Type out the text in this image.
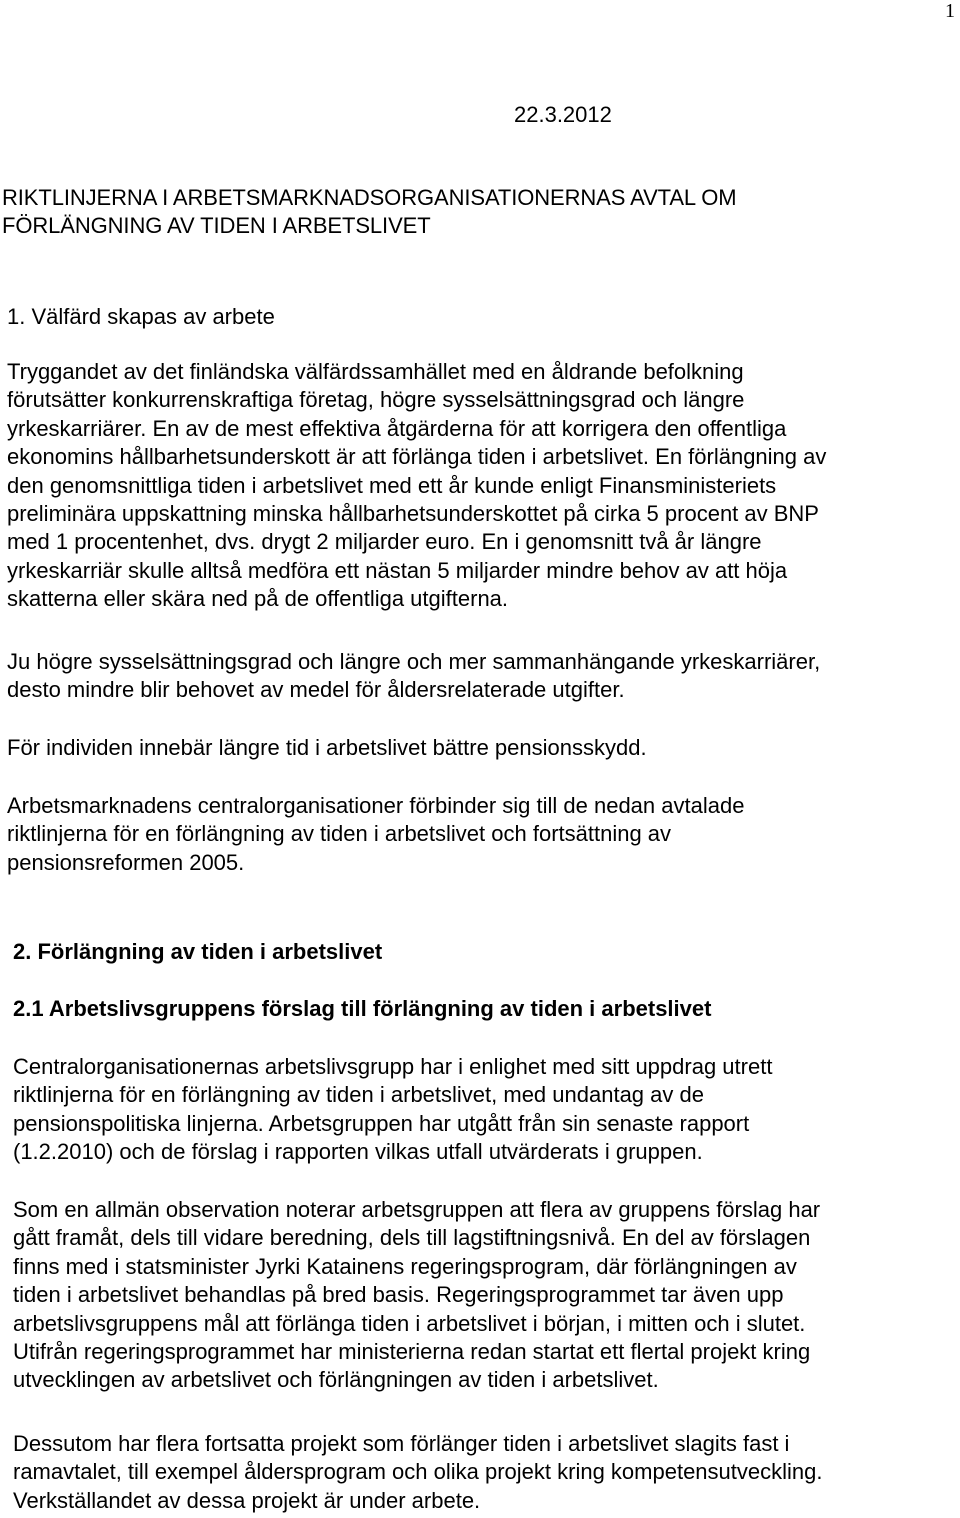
1
22.3.2012
RIKTLINJERNA I ARBETSMARKNADSORGANISATIONERNAS AVTAL OM
FÖRLÄNGNING AV TIDEN I ARBETSLIVET
1. Välfärd skapas av arbete

Tryggandet av det finländska välfärdssamhället med en åldrande befolkning
förutsätter konkurrenskraftiga företag, högre sysselsättningsgrad och längre
yrkeskarriärer. En av de mest effektiva åtgärderna för att korrigera den offentliga
ekonomins hållbarhetsunderskott är att förlänga tiden i arbetslivet. En förlängning av
den genomsnittliga tiden i arbetslivet med ett år kunde enligt Finansministeriets
preliminära uppskattning minska hållbarhetsunderskottet på cirka 5 procent av BNP
med 1 procentenhet, dvs. drygt 2 miljarder euro. En i genomsnitt två år längre
yrkeskarriär skulle alltså medföra ett nästan 5 miljarder mindre behov av att höja
skatterna eller skära ned på de offentliga utgifterna.

Ju högre sysselsättningsgrad och längre och mer sammanhängande yrkeskarriärer,
desto mindre blir behovet av medel för åldersrelaterade utgifter.

För individen innebär längre tid i arbetslivet bättre pensionsskydd.

Arbetsmarknadens centralorganisationer förbinder sig till de nedan avtalade
riktlinjerna för en förlängning av tiden i arbetslivet och fortsättning av
pensionsreformen 2005.

2. Förlängning av tiden i arbetslivet
2.1 Arbetslivsgruppens förslag till förlängning av tiden i arbetslivet

Centralorganisationernas arbetslivsgrupp har i enlighet med sitt uppdrag utrett
riktlinjerna för en förlängning av tiden i arbetslivet, med undantag av de
pensionspolitiska linjerna. Arbetsgruppen har utgått från sin senaste rapport
(1.2.2010) och de förslag i rapporten vilkas utfall utvärderats i gruppen.

Som en allmän observation noterar arbetsgruppen att flera av gruppens förslag har
gått framåt, dels till vidare beredning, dels till lagstiftningsnivå. En del av förslagen
finns med i statsminister Jyrki Katainens regeringsprogram, där förlängningen av
tiden i arbetslivet behandlas på bred basis. Regeringsprogrammet tar även upp
arbetslivsgruppens mål att förlänga tiden i arbetslivet i början, i mitten och i slutet.
Utifrån regeringsprogrammet har ministerierna redan startat ett flertal projekt kring
utvecklingen av arbetslivet och förlängningen av tiden i arbetslivet.

Dessutom har flera fortsatta projekt som förlänger tiden i arbetslivet slagits fast i
ramavtalet, till exempel åldersprogram och olika projekt kring kompetensutveckling.
Verkställandet av dessa projekt är under arbete.
